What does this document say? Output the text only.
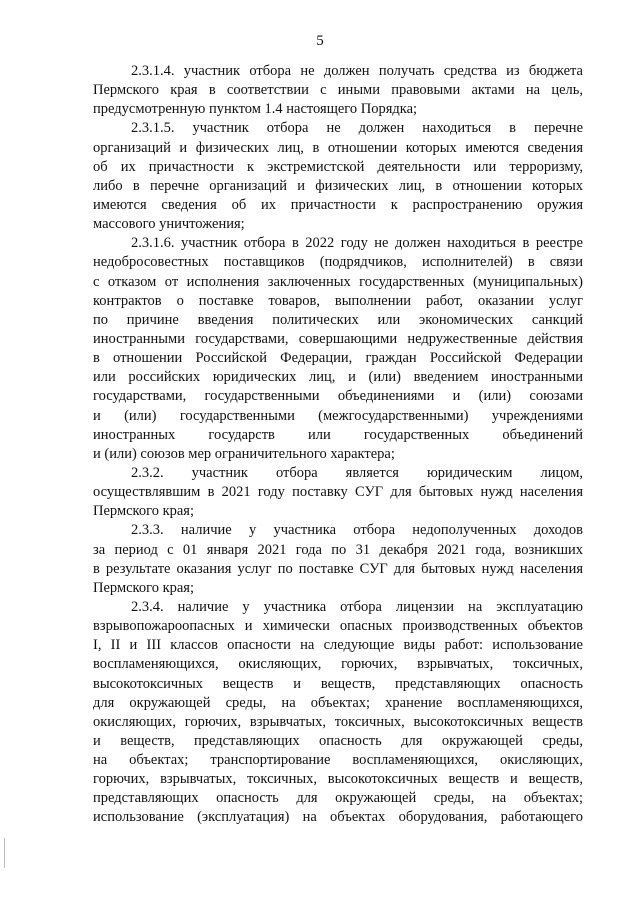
5

2.3.1.4. участник отбора не должен получать средства из бюджета
Пермского края в соответствии с иными правовыми актами на цель,
предусмотренную пунктом 1.4 настоящего Порядка;

2.3.1.5. участник отбора не должен находиться в перечне
организаций и физических лиц, в отношении которых имеются сведения
об их причастности к экстремистской деятельности или терроризму,
либо в перечне организаций и физических лиц, в отношении которых
имеются сведения об их причастности к распространению оружия
массового уничтожения;

2.3.1.6. участник отбора в 2022 году не должен находиться в реестре
недобросовестных поставщиков (подрядчиков, исполнителей) в связи
с отказом от исполнения заключенных государственных (муниципальных)
контрактов о поставке товаров, выполнении работ, оказании услуг
по причине введения политических или экономических санкций
иностранными государствами, совершающими недружественные действия
в отношении Российской Федерации, граждан Российской Федерации
или российских юридических лиц, и (или) введением иностранными
государствами, государственными объединениями и (или) союзами
и (или) государственными (межгосударственными) учреждениями
иностранных государств или государственных объединений
и (или) союзов мер ограничительного характера;

2.3.2. участник отбора является юридическим лицом,
осуществлявшим в 2021 году поставку СУГ для бытовых нужд населения
Пермского края;

2.3.3. наличие у участника отбора недополученных доходов
за период с 01 января 2021 года по 31 декабря 2021 года, возникших
в результате оказания услуг по поставке СУГ для бытовых нужд населения
Пермского края;

2.3.4. наличие у участника отбора лицензии на эксплуатацию
взрывопожароопасных и химически опасных производственных объектов
I, II и III классов опасности на следующие виды работ: использование
воспламеняющихся, окисляющих, горючих, взрывчатых, токсичных,
высокотоксичных веществ и веществ, представляющих опасность
для окружающей среды, на объектах; хранение воспламеняющихся,
окисляющих, горючих, взрывчатых, токсичных, высокотоксичных веществ
и веществ, представляющих опасность для окружающей среды,
на объектах; транспортирование воспламеняющихся, окисляющих,
горючих, взрывчатых, токсичных, высокотоксичных веществ и веществ,
представляющих опасность для окружающей среды, на объектах;
использование (эксплуатация) на объектах оборудования, работающего
